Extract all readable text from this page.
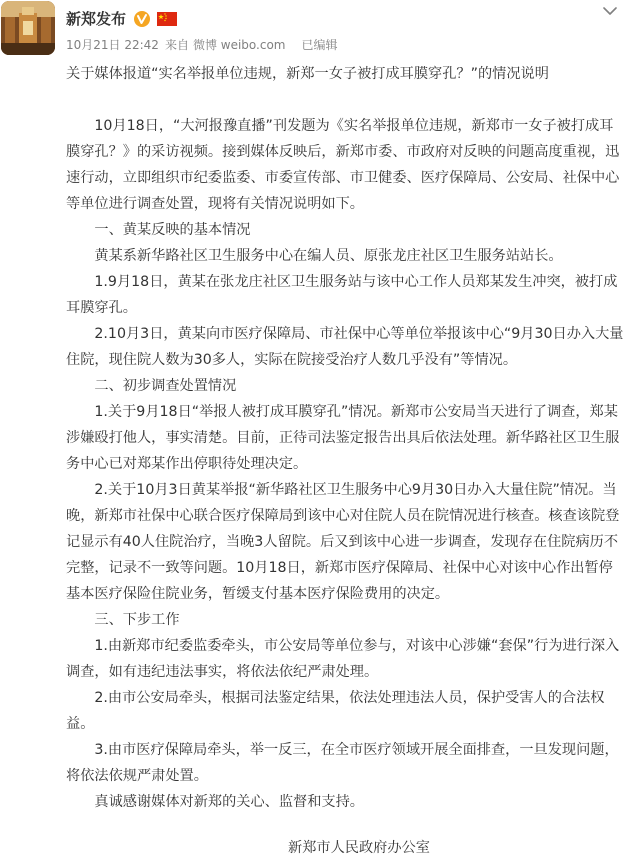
新郑发布
10月21日 22:42 来自 微博 weibo.com 已编辑

关于媒体报道“实名举报单位违规，新郑一女子被打成耳膜穿孔？”的情况说明

10月18日，“大河报豫直播”刊发题为《实名举报单位违规，新郑市一女子被打成耳膜穿孔？》的采访视频。接到媒体反映后，新郑市委、市政府对反映的问题高度重视，迅速行动，立即组织市纪委监委、市委宣传部、市卫健委、医疗保障局、公安局、社保中心等单位进行调查处置，现将有关情况说明如下。

一、黄某反映的基本情况

黄某系新华路社区卫生服务中心在编人员、原张龙庄社区卫生服务站站长。

1.9月18日，黄某在张龙庄社区卫生服务站与该中心工作人员郑某发生冲突，被打成耳膜穿孔。

2.10月3日，黄某向市医疗保障局、市社保中心等单位举报该中心“9月30日办入大量住院，现住院人数为30多人，实际在院接受治疗人数几乎没有”等情况。

二、初步调查处置情况

1.关于9月18日“举报人被打成耳膜穿孔”情况。新郑市公安局当天进行了调查，郑某涉嫌殴打他人，事实清楚。目前，正待司法鉴定报告出具后依法处理。新华路社区卫生服务中心已对郑某作出停职待处理决定。

2.关于10月3日黄某举报“新华路社区卫生服务中心9月30日办入大量住院”情况。当晚，新郑市社保中心联合医疗保障局到该中心对住院人员在院情况进行核查。核查该院登记显示有40人住院治疗，当晚3人留院。后又到该中心进一步调查，发现存在住院病历不完整，记录不一致等问题。10月18日，新郑市医疗保障局、社保中心对该中心作出暂停基本医疗保险住院业务，暂缓支付基本医疗保险费用的决定。

三、下步工作

1.由新郑市纪委监委牵头，市公安局等单位参与，对该中心涉嫌“套保”行为进行深入调查，如有违纪违法事实，将依法依纪严肃处理。

2.由市公安局牵头，根据司法鉴定结果，依法处理违法人员，保护受害人的合法权益。

3.由市医疗保障局牵头，举一反三，在全市医疗领域开展全面排查，一旦发现问题，将依法依规严肃处置。

真诚感谢媒体对新郑的关心、监督和支持。

新郑市人民政府办公室
